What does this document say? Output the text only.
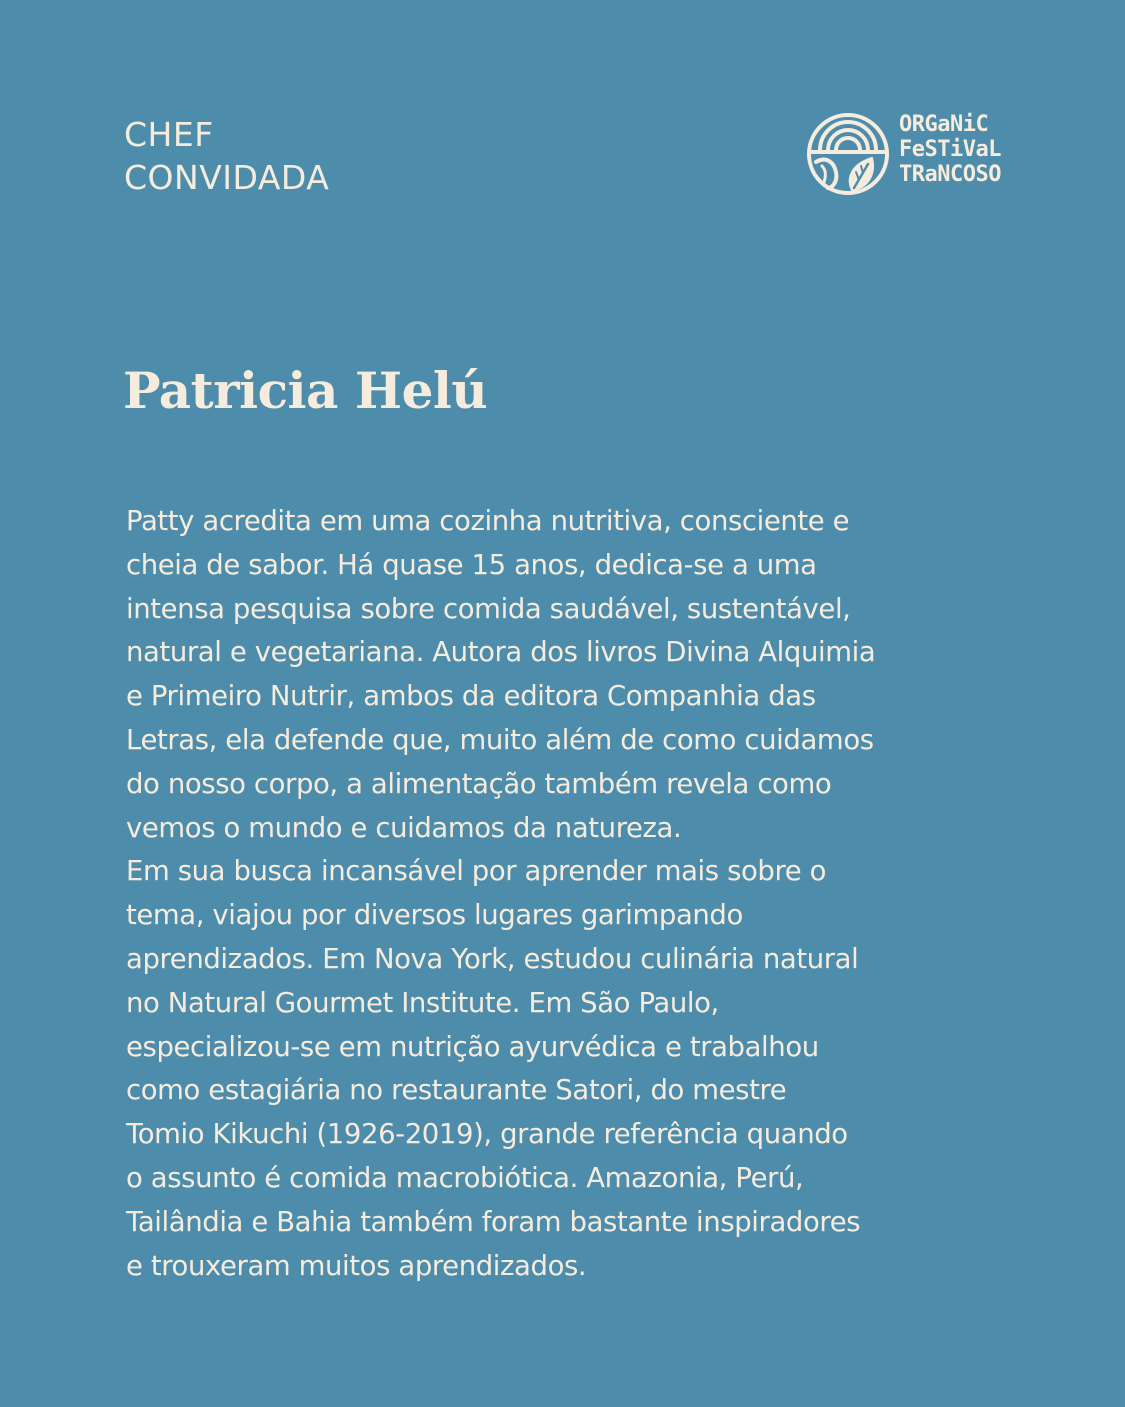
CHEF
CONVIDADA
ORGaNiC
FeSTiVaL
TRaNCOSO
Patricia Helú
Patty acredita em uma cozinha nutritiva, consciente e
cheia de sabor. Há quase 15 anos, dedica-se a uma
intensa pesquisa sobre comida saudável, sustentável,
natural e vegetariana. Autora dos livros Divina Alquimia
e Primeiro Nutrir, ambos da editora Companhia das
Letras, ela defende que, muito além de como cuidamos
do nosso corpo, a alimentação também revela como
vemos o mundo e cuidamos da natureza.
Em sua busca incansável por aprender mais sobre o
tema, viajou por diversos lugares garimpando
aprendizados. Em Nova York, estudou culinária natural
no Natural Gourmet Institute. Em São Paulo,
especializou-se em nutrição ayurvédica e trabalhou
como estagiária no restaurante Satori, do mestre
Tomio Kikuchi (1926-2019), grande referência quando
o assunto é comida macrobiótica. Amazonia, Perú,
Tailândia e Bahia também foram bastante inspiradores
e trouxeram muitos aprendizados.
